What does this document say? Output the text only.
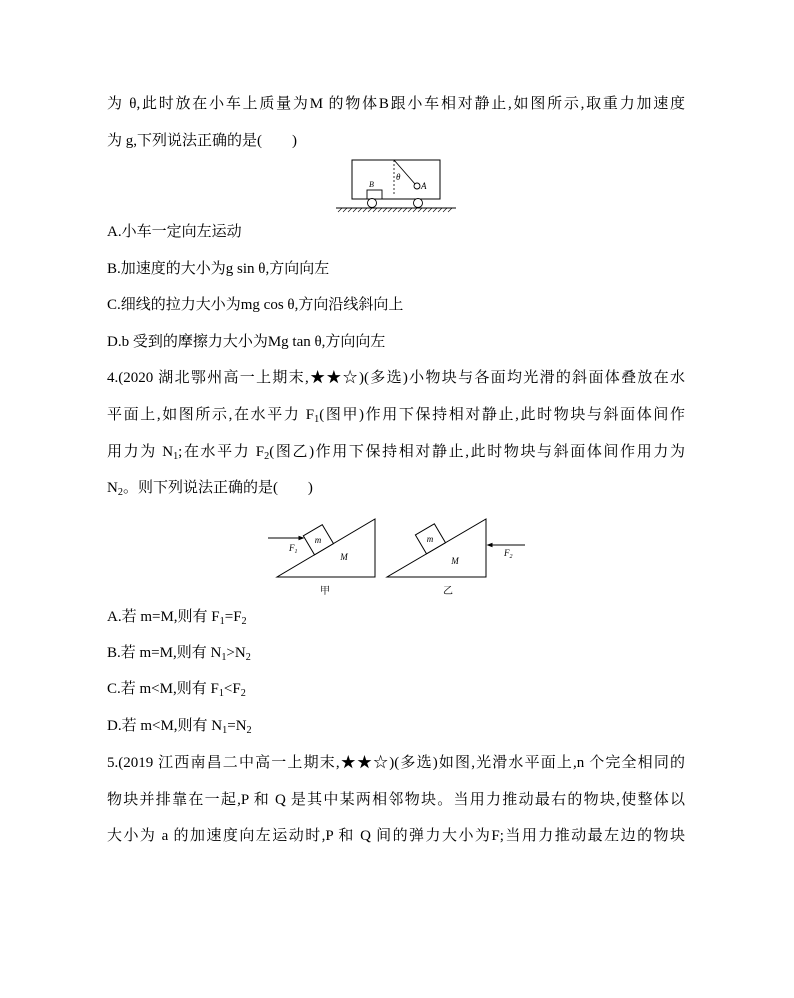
为 θ,此时放在小车上质量为M 的物体B跟小车相对静止,如图所示,取重力加速度
为 g,下列说法正确的是(　　)
A
θ
B
A.小车一定向左运动
B.加速度的大小为g sin θ,方向向左
C.细线的拉力大小为mg cos θ,方向沿线斜向上
D.b 受到的摩擦力大小为Mg tan θ,方向向左
4.(2020 湖北鄂州高一上期末,★★☆)(多选)小物块与各面均光滑的斜面体叠放在水
平面上,如图所示,在水平力 $F_1$(图甲)作用下保持相对静止,此时物块与斜面体间作
用力为 $N_1$;在水平力 $F_2$(图乙)作用下保持相对静止,此时物块与斜面体间作用力为
$N_2$。则下列说法正确的是(　　)
$F_1$
m
M
甲
$F_2$
m
M
乙
A.若 m=M,则有 $F_1=F_2$
B.若 m=M,则有 $N_1>N_2$
C.若 m<M,则有 $F_1<F_2$
D.若 m<M,则有 $N_1=N_2$
5.(2019 江西南昌二中高一上期末,★★☆)(多选)如图,光滑水平面上,n 个完全相同的
物块并排靠在一起,P 和 Q 是其中某两相邻物块。当用力推动最右的物块,使整体以
大小为 a 的加速度向左运动时,P 和 Q 间的弹力大小为F;当用力推动最左边的物块
